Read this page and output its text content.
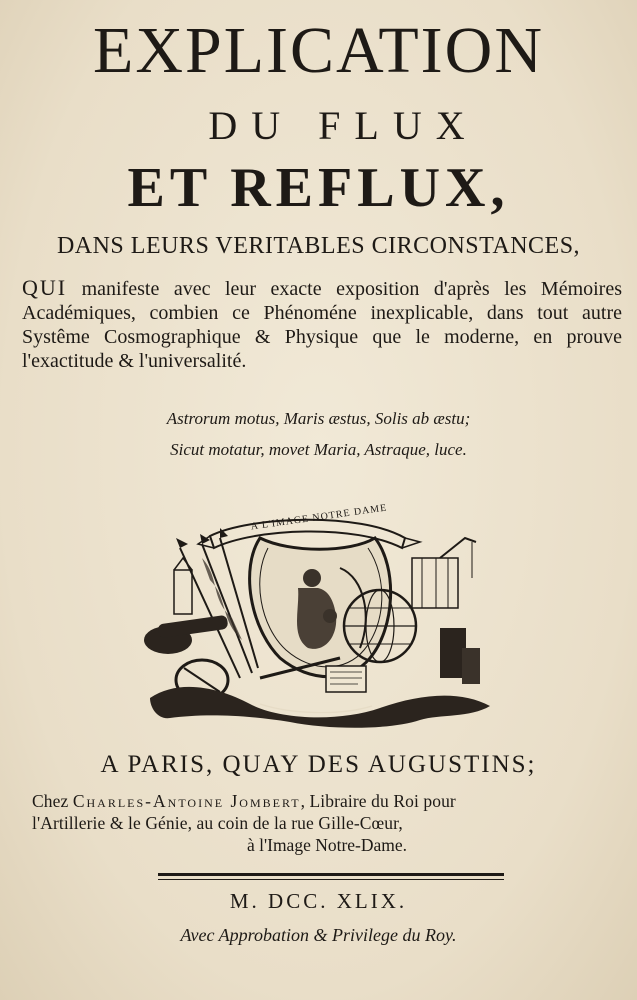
EXPLICATION
DU FLUX
ET REFLUX,
DANS LEURS VERITABLES CIRCONSTANCES,
QUI manifeste avec leur exacte exposition d'après les Mémoires Académiques, combien ce Phénoméne inexplicable, dans tout autre Systême Cosmographique & Physique que le moderne, en prouve l'exactitude & l'universalité.
Astrorum motus, Maris æstus, Solis ab æstu;
Sicut motatur, movet Maria, Astraque, luce.
A L'IMAGE NOTRE DAME
A PARIS, QUAY DES AUGUSTINS;
Chez Charles-Antoine Jombert, Libraire du Roi pour
l'Artillerie & le Génie, au coin de la rue Gille-Cœur,
à l'Image Notre-Dame.
M. DCC. XLIX.
Avec Approbation & Privilege du Roy.
